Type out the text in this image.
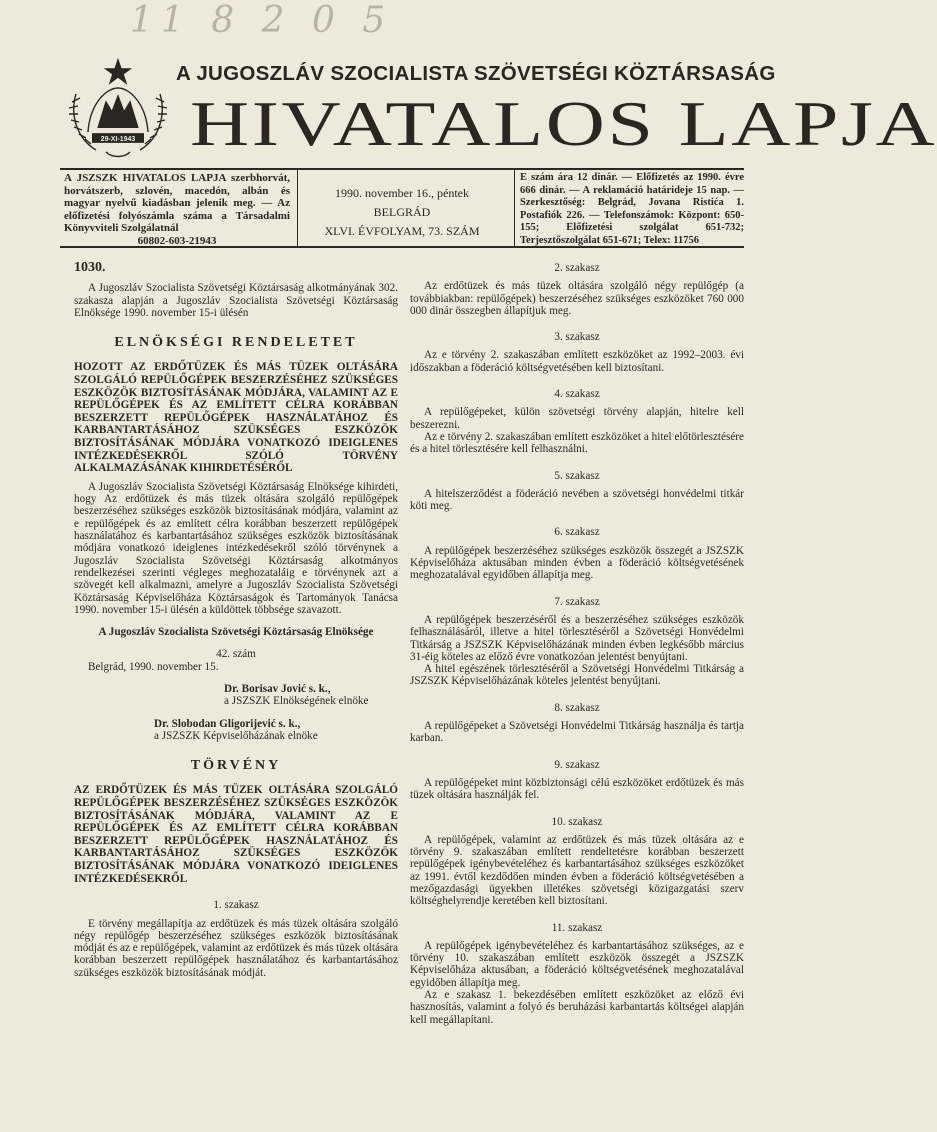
11 8 2 0 5
29-XI-1943
A JUGOSZLÁV SZOCIALISTA SZÖVETSÉGI KÖZTÁRSASÁG
HIVATALOS LAPJA
A JSZSZK HIVATALOS LAPJA szerbhorvát, horvátszerb, szlovén, macedón, albán és magyar nyelvű kiadásban jelenik meg. — Az előfizetési folyószámla száma a Társadalmi Könyvviteli Szolgálatnál
60802-603-21943
1990. november 16., péntek
BELGRÁD
XLVI. ÉVFOLYAM, 73. SZÁM
E szám ára 12 dinár. — Előfizetés az 1990. évre 666 dinár. — A reklamáció határideje 15 nap. — Szerkesztőség: Belgrád, Jovana Ristića 1. Postafiók 226. — Telefonszámok: Központ: 650-155; Előfizetési szolgálat 651-732; Terjesztőszolgálat 651-671; Telex: 11756

1030.

A Jugoszláv Szocialista Szövetségi Köztársaság alkotmányának 302. szakasza alapján a Jugoszláv Szocialista Szövetségi Köztársaság Elnöksége 1990. november 15-i ülésén

ELNÖKSÉGI RENDELETET

HOZOTT AZ ERDŐTÜZEK ÉS MÁS TÜZEK OLTÁSÁRA SZOLGÁLÓ REPÜLŐGÉPEK BESZERZÉSÉHEZ SZÜKSÉGES ESZKÖZÖK BIZTOSÍTÁSÁNAK MÓDJÁRA, VALAMINT AZ E REPÜLŐGÉPEK ÉS AZ EMLÍTETT CÉLRA KORÁBBAN BESZERZETT REPÜLŐGÉPEK HASZNÁLATÁHOZ ÉS KARBANTARTÁSÁHOZ SZÜKSÉGES ESZKÖZÖK BIZTOSÍTÁSÁNAK MÓDJÁRA VONATKOZÓ IDEIGLENES INTÉZKEDÉSEKRŐL SZÓLÓ TÖRVÉNY ALKALMAZÁSÁNAK KIHIRDETÉSÉRŐL

A Jugoszláv Szocialista Szövetségi Köztársaság Elnöksége kihirdeti, hogy Az erdőtüzek és más tüzek oltására szolgáló repülőgépek beszerzéséhez szükséges eszközök biztosításának módjára, valamint az e repülőgépek és az említett célra korábban beszerzett repülőgépek használatához és karbantartásához szükséges eszközök biztosításának módjára vonatkozó ideiglenes intézkedésekről szóló törvénynek a Jugoszláv Szocialista Szövetségi Köztársaság alkotmányos rendelkezései szerinti végleges meghozataláig e törvénynek azt a szövegét kell alkalmazni, amelyre a Jugoszláv Szocialista Szövetségi Köztársaság Képviselőháza Köztársaságok és Tartományok Tanácsa 1990. november 15-i ülésén a küldöttek többsége szavazott.

A Jugoszláv Szocialista Szövetségi Köztársaság Elnöksége

42. szám

Belgrád, 1990. november 15.

Dr. Borisav Jović s. k.,

a JSZSZK Elnökségének elnöke

Dr. Slobodan Gligorijević s. k.,

a JSZSZK Képviselőházának elnöke

TÖRVÉNY

AZ ERDŐTÜZEK ÉS MÁS TÜZEK OLTÁSÁRA SZOLGÁLÓ REPÜLŐGÉPEK BESZERZÉSÉHEZ SZÜKSÉGES ESZKÖZÖK BIZTOSÍTÁSÁNAK MÓDJÁRA, VALAMINT AZ E REPÜLŐGÉPEK ÉS AZ EMLÍTETT CÉLRA KORÁBBAN BESZERZETT REPÜLŐGÉPEK HASZNÁLATÁHOZ ÉS KARBANTARTÁSÁHOZ SZÜKSÉGES ESZKÖZÖK BIZTOSÍTÁSÁNAK MÓDJÁRA VONATKOZÓ IDEIGLENES INTÉZKEDÉSEKRŐL

1. szakasz

E törvény megállapítja az erdőtüzek és más tüzek oltására szolgáló négy repülőgép beszerzéséhez szükséges eszközök biztosításának módját és az e repülőgépek, valamint az erdőtüzek és más tüzek oltására korábban beszerzett repülőgépek használatához és karbantartásához szükséges eszközök biztosításának módját.

2. szakasz

Az erdőtüzek és más tüzek oltására szolgáló négy repülőgép (a továbbiakban: repülőgépek) beszerzéséhez szükséges eszközöket 760 000 000 dinár összegben állapítjuk meg.

3. szakasz

Az e törvény 2. szakaszában említett eszközöket az 1992–2003. évi időszakban a föderáció költségvetésében kell biztosítani.

4. szakasz

A repülőgépeket, külön szövetségi törvény alapján, hitelre kell beszerezni.

Az e törvény 2. szakaszában említett eszközöket a hitel előtörlesztésére és a hitel törlesztésére kell felhasználni.

5. szakasz

A hitelszerződést a föderáció nevében a szövetségi honvédelmi titkár köti meg.

6. szakasz

A repülőgépek beszerzéséhez szükséges eszközök összegét a JSZSZK Képviselőháza aktusában minden évben a föderáció költségvetésének meghozatalával egyidőben állapítja meg.

7. szakasz

A repülőgépek beszerzéséről és a beszerzéséhez szükséges eszközök felhasználásáról, illetve a hitel törlesztéséről a Szövetségi Honvédelmi Titkárság a JSZSZK Képviselőházának minden évben legkésőbb március 31-éig köteles az előző évre vonatkozóan jelentést benyújtani.

A hitel egészének törlesztéséről a Szövetségi Honvédelmi Titkárság a JSZSZK Képviselőházának köteles jelentést benyújtani.

8. szakasz

A repülőgépeket a Szövetségi Honvédelmi Titkárság használja és tartja karban.

9. szakasz

A repülőgépeket mint közbiztonsági célú eszközöket erdőtüzek és más tüzek oltására használják fel.

10. szakasz

A repülőgépek, valamint az erdőtüzek és más tüzek oltására az e törvény 9. szakaszában említett rendeltetésre korábban beszerzett repülőgépek igénybevételéhez és karbantartásához szükséges eszközöket az 1991. évtől kezdődően minden évben a föderáció költségvetésében a mezőgazdasági ügyekben illetékes szövetségi közigazgatási szerv költséghelyrendje keretében kell biztosítani.

11. szakasz

A repülőgépek igénybevételéhez és karbantartásához szükséges, az e törvény 10. szakaszában említett eszközök összegét a JSZSZK Képviselőháza aktusában, a föderáció költségvetésének meghozatalával egyidőben állapítja meg.

Az e szakasz 1. bekezdésében említett eszközöket az előző évi hasznosítás, valamint a folyó és beruházási karbantartás költségei alapján kell megállapítani.
